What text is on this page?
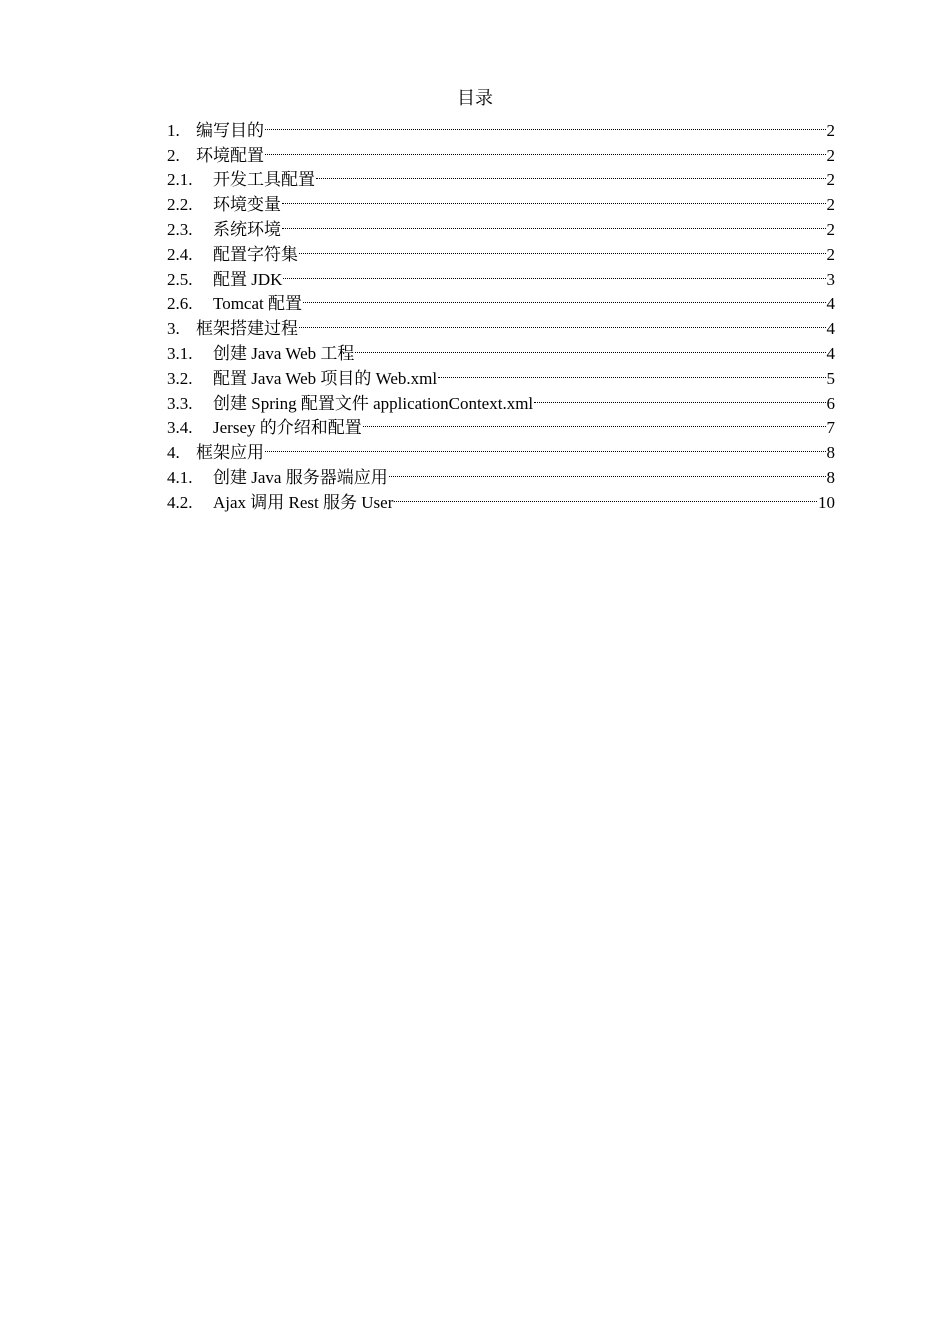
目录
1. 编写目的	2
2. 环境配置	2
2.1.	开发工具配置	2
2.2.	环境变量	2
2.3.	系统环境	2
2.4.	配置字符集	2
2.5.	配置 JDK	3
2.6.	Tomcat 配置	4
3. 框架搭建过程	4
3.1.	创建 Java Web 工程	4
3.2.	配置 Java Web 项目的 Web.xml	5
3.3.	创建 Spring 配置文件 applicationContext.xml	6
3.4.	Jersey 的介绍和配置	7
4. 框架应用	8
4.1.	创建 Java 服务器端应用	8
4.2.	Ajax 调用 Rest 服务 User	10
